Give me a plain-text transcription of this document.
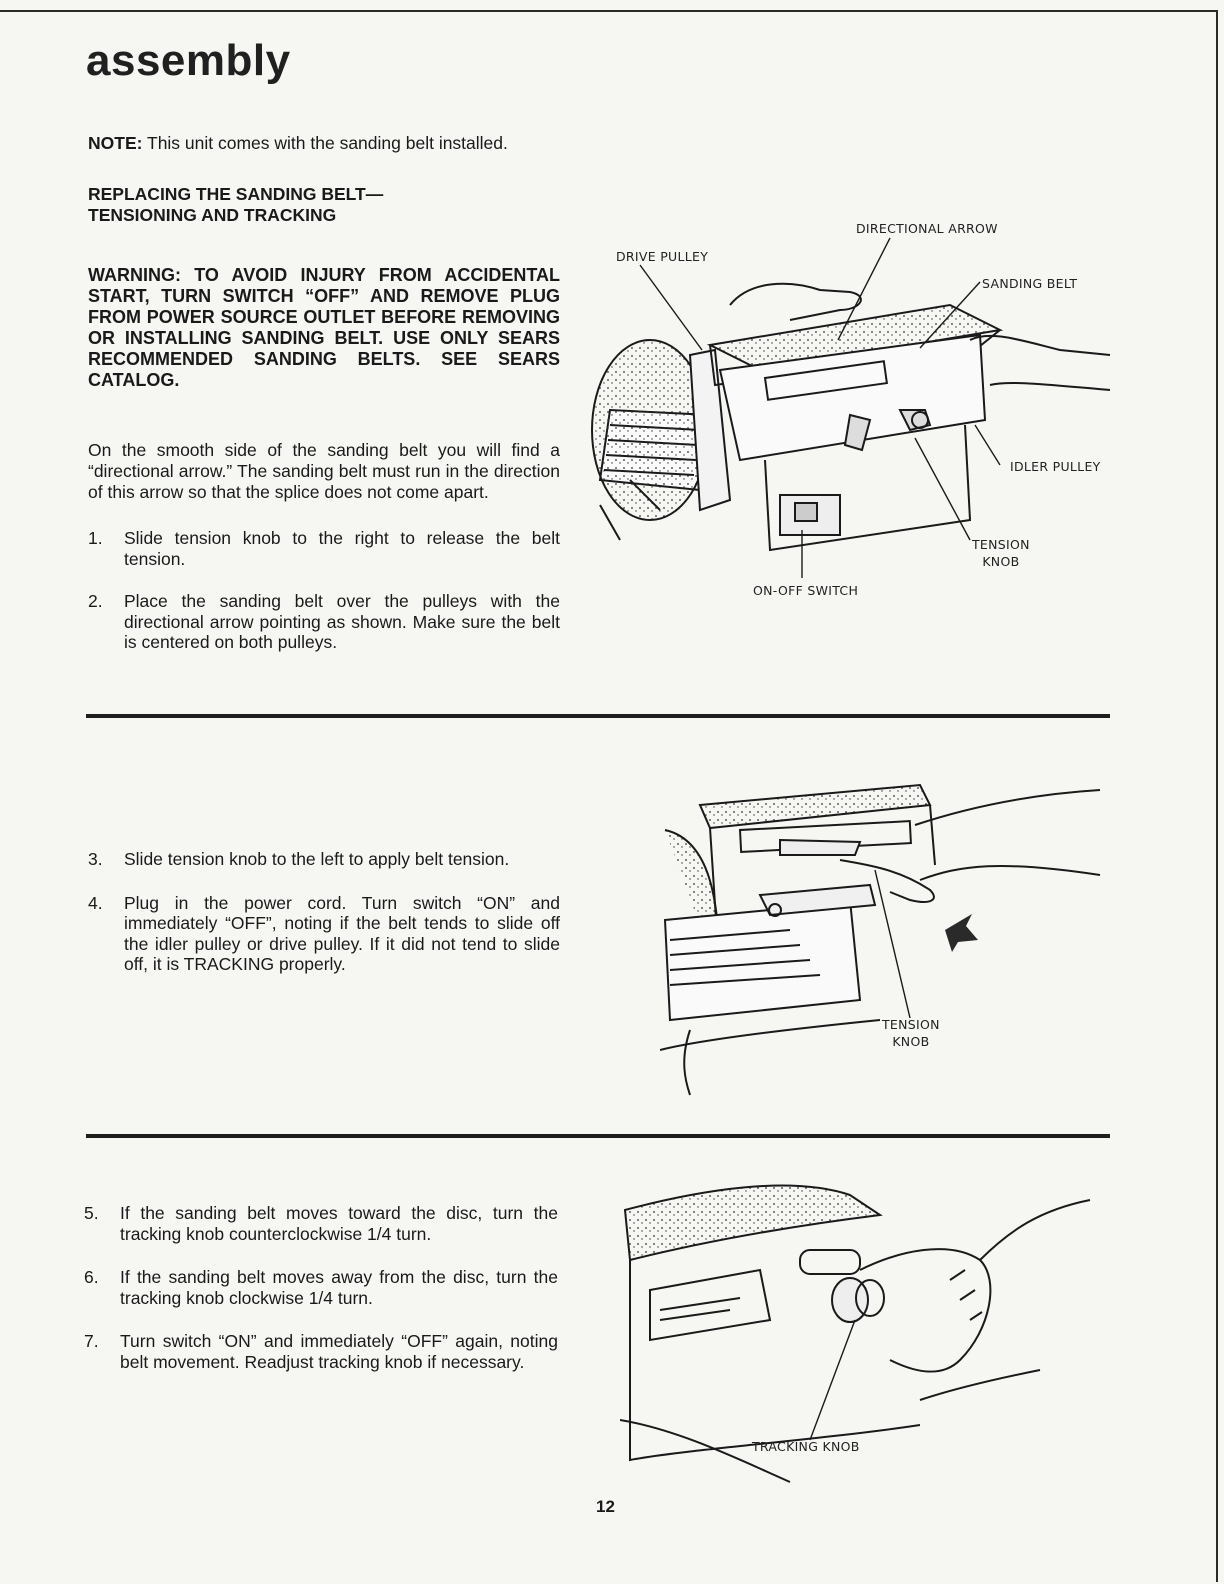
assembly
NOTE: This unit comes with the sanding belt installed.
REPLACING THE SANDING BELT—
TENSIONING AND TRACKING

WARNING: TO AVOID INJURY FROM ACCIDENTAL START, TURN SWITCH “OFF” AND REMOVE PLUG FROM POWER SOURCE OUTLET BEFORE REMOVING OR INSTALLING SANDING BELT. USE ONLY SEARS RECOMMENDED SANDING BELTS. SEE SEARS CATALOG.

On the smooth side of the sanding belt you will find a “directional arrow.” The sanding belt must run in the direction of this arrow so that the splice does not come apart.

1. Slide tension knob to the right to release the belt tension.
2. Place the sanding belt over the pulleys with the directional arrow pointing as shown. Make sure the belt is centered on both pulleys.
3. Slide tension knob to the left to apply belt tension.
4. Plug in the power cord. Turn switch “ON” and immediately “OFF”, noting if the belt tends to slide off the idler pulley or drive pulley. If it did not tend to slide off, it is TRACKING properly.
5. If the sanding belt moves toward the disc, turn the tracking knob counterclockwise 1/4 turn.
6. If the sanding belt moves away from the disc, turn the tracking knob clockwise 1/4 turn.
7. Turn switch “ON” and immediately “OFF” again, noting belt movement. Readjust tracking knob if necessary.
DIRECTIONAL ARROW
DRIVE PULLEY
SANDING BELT
IDLER PULLEY
TENSION
KNOB
ON-OFF SWITCH
TENSION
KNOB
TRACKING KNOB
12
